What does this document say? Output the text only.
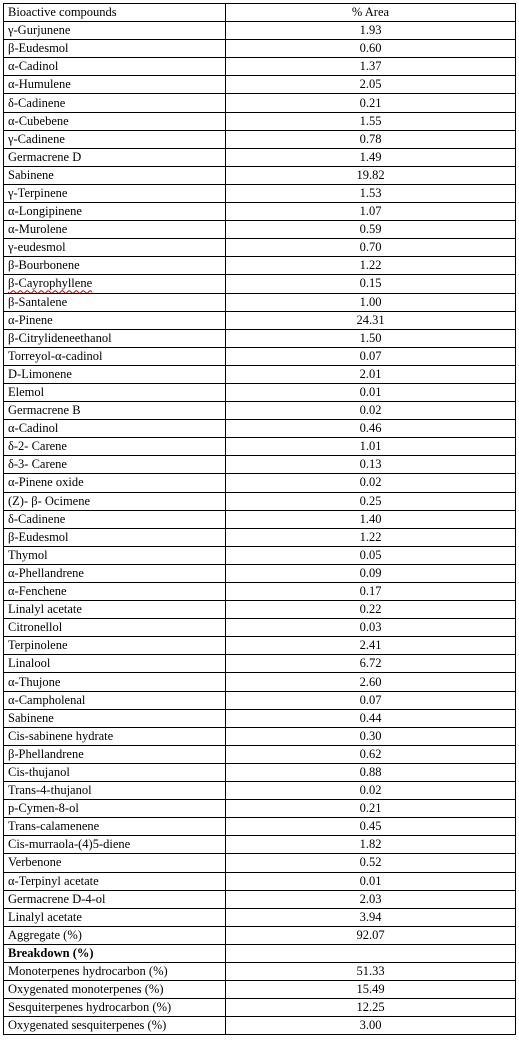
Bioactive compounds	% Area
γ-Gurjunene	1.93
β-Eudesmol	0.60
α-Cadinol	1.37
α-Humulene	2.05
δ-Cadinene	0.21
α-Cubebene	1.55
γ-Cadinene	0.78
Germacrene D	1.49
Sabinene	19.82
γ-Terpinene	1.53
α-Longipinene	1.07
α-Murolene	0.59
γ-eudesmol	0.70
β-Bourbonene	1.22
β-Cayrophyllene	0.15
β-Santalene	1.00
α-Pinene	24.31
β-Citrylideneethanol	1.50
Torreyol-α-cadinol	0.07
D-Limonene	2.01
Elemol	0.01
Germacrene B	0.02
α-Cadinol	0.46
δ-2- Carene	1.01
δ-3- Carene	0.13
α-Pinene oxide	0.02
(Z)- β- Ocimene	0.25
δ-Cadinene	1.40
β-Eudesmol	1.22
Thymol	0.05
α-Phellandrene	0.09
α-Fenchene	0.17
Linalyl acetate	0.22
Citronellol	0.03
Terpinolene	2.41
Linalool	6.72
α-Thujone	2.60
α-Campholenal	0.07
Sabinene	0.44
Cis-sabinene hydrate	0.30
β-Phellandrene	0.62
Cis-thujanol	0.88
Trans-4-thujanol	0.02
p-Cymen-8-ol	0.21
Trans-calamenene	0.45
Cis-murraola-(4)5-diene	1.82
Verbenone	0.52
α-Terpinyl acetate	0.01
Germacrene D-4-ol	2.03
Linalyl acetate	3.94
Aggregate (%)	92.07
Breakdown (%)	
Monoterpenes hydrocarbon (%)	51.33
Oxygenated monoterpenes (%)	15.49
Sesquiterpenes hydrocarbon (%)	12.25
Oxygenated sesquiterpenes (%)	3.00
